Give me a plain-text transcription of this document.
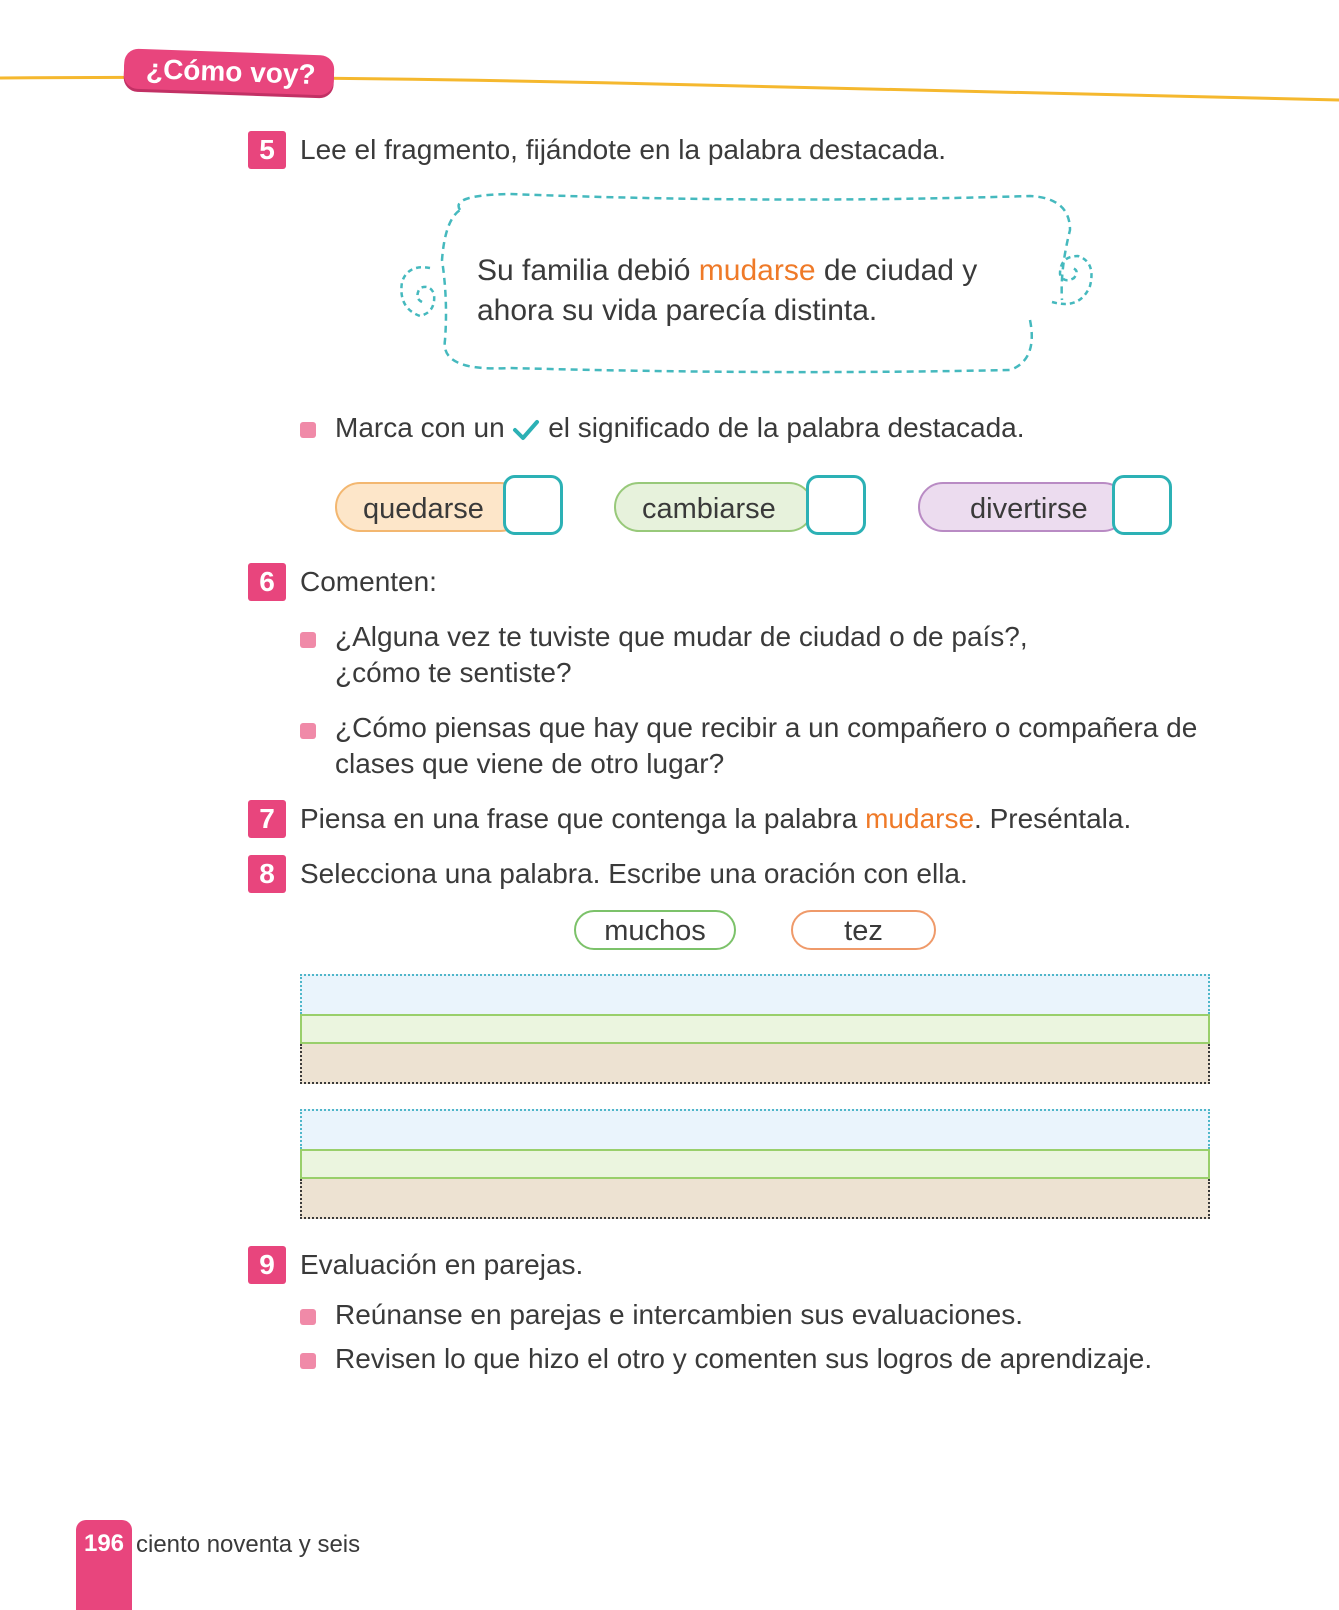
¿Cómo voy?
5 Lee el fragmento, fijándote en la palabra destacada.
Su familia debió mudarse de ciudad y
ahora su vida parecía distinta.
Marca con un el significado de la palabra destacada.
quedarse	cambiarse	divertirse
6 Comenten:
¿Alguna vez te tuviste que mudar de ciudad o de país?,
¿cómo te sentiste?
¿Cómo piensas que hay que recibir a un compañero o compañera de
clases que viene de otro lugar?
7 Piensa en una frase que contenga la palabra mudarse. Preséntala.
8 Selecciona una palabra. Escribe una oración con ella.
muchos	tez
9 Evaluación en parejas.
Reúnanse en parejas e intercambien sus evaluaciones.
Revisen lo que hizo el otro y comenten sus logros de aprendizaje.
196 ciento noventa y seis
